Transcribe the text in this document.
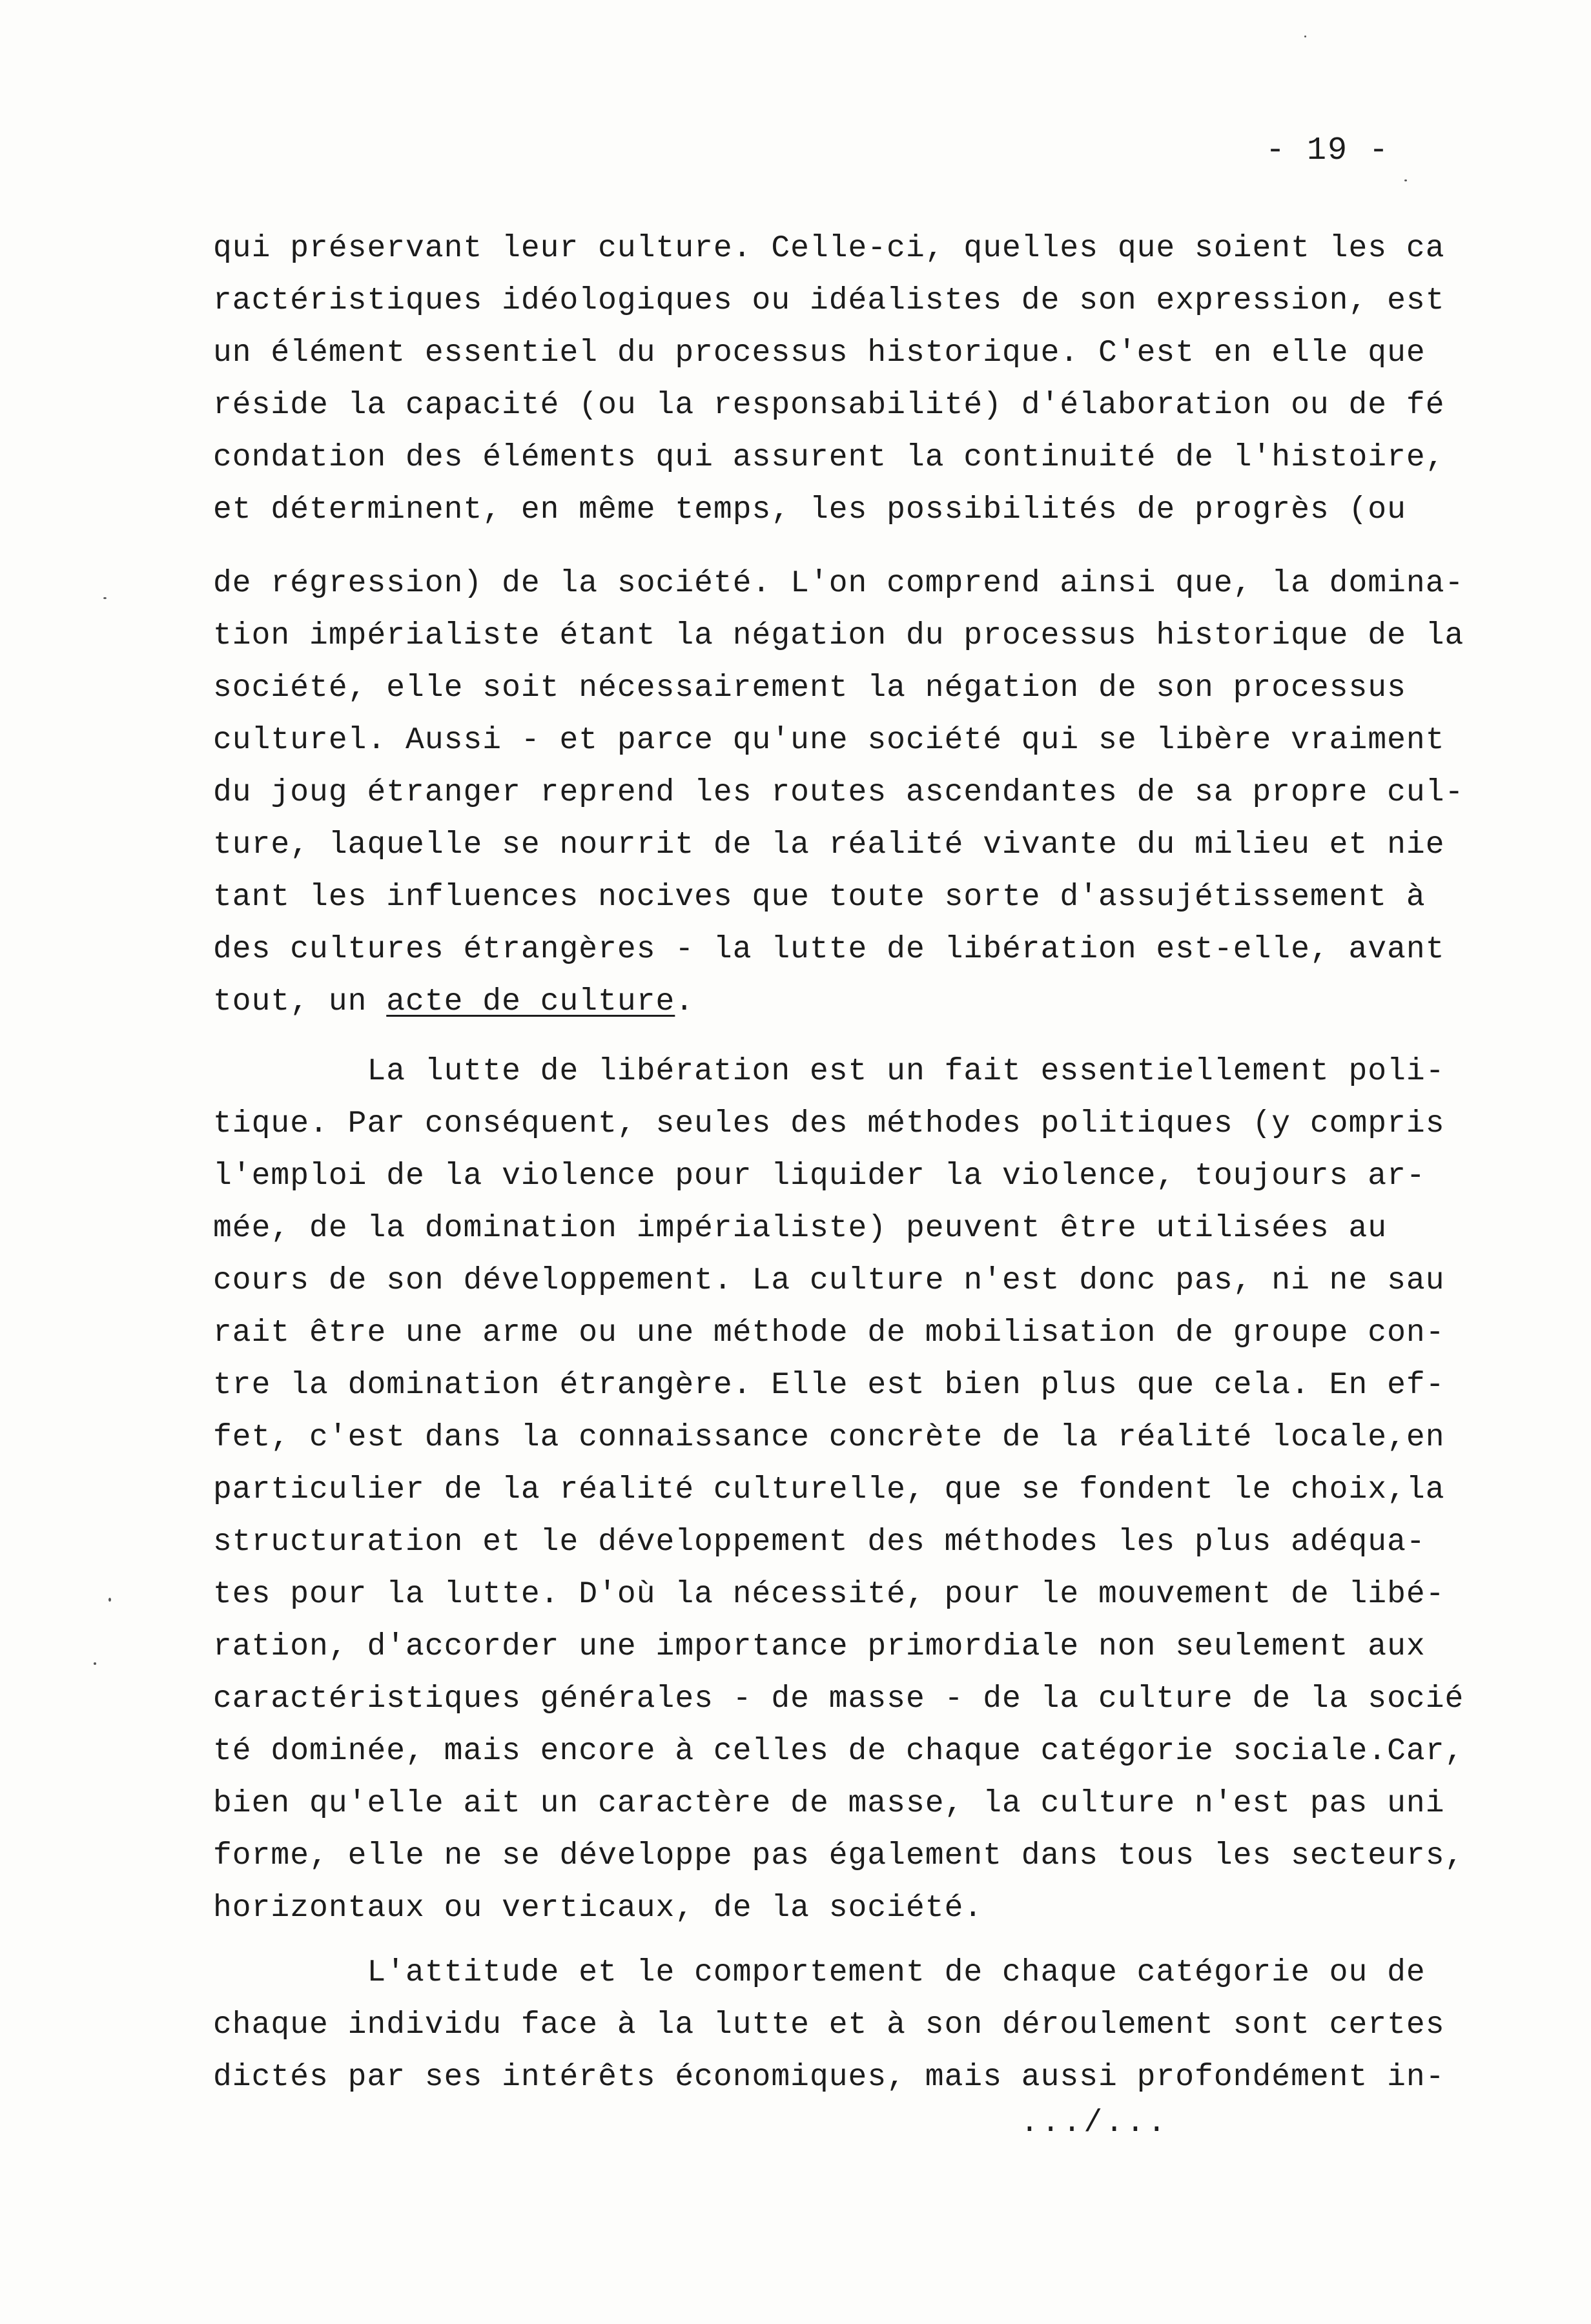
- 19 -
qui préservant leur culture. Celle-ci, quelles que soient les ca
ractéristiques idéologiques ou idéalistes de son expression, est
un élément essentiel du processus historique. C'est en elle que
réside la capacité (ou la responsabilité) d'élaboration ou de fé
condation des éléments qui assurent la continuité de l'histoire,
et déterminent, en même temps, les possibilités de progrès (ou
de régression) de la société. L'on comprend ainsi que, la domina-
tion impérialiste étant la négation du processus historique de la
société, elle soit nécessairement la négation de son processus
culturel. Aussi - et parce qu'une société qui se libère vraiment
du joug étranger reprend les routes ascendantes de sa propre cul-
ture, laquelle se nourrit de la réalité vivante du milieu et nie
tant les influences nocives que toute sorte d'assujétissement à
des cultures étrangères - la lutte de libération est-elle, avant
tout, un acte de culture.
La lutte de libération est un fait essentiellement poli-
tique. Par conséquent, seules des méthodes politiques (y compris
l'emploi de la violence pour liquider la violence, toujours ar-
mée, de la domination impérialiste) peuvent être utilisées au
cours de son développement. La culture n'est donc pas, ni ne sau
rait être une arme ou une méthode de mobilisation de groupe con-
tre la domination étrangère. Elle est bien plus que cela. En ef-
fet, c'est dans la connaissance concrète de la réalité locale,en
particulier de la réalité culturelle, que se fondent le choix,la
structuration et le développement des méthodes les plus adéqua-
tes pour la lutte. D'où la nécessité, pour le mouvement de libé-
ration, d'accorder une importance primordiale non seulement aux
caractéristiques générales - de masse - de la culture de la socié
té dominée, mais encore à celles de chaque catégorie sociale.Car,
bien qu'elle ait un caractère de masse, la culture n'est pas uni
forme, elle ne se développe pas également dans tous les secteurs,
horizontaux ou verticaux, de la société.
L'attitude et le comportement de chaque catégorie ou de
chaque individu face à la lutte et à son déroulement sont certes
dictés par ses intérêts économiques, mais aussi profondément in-
.../...
